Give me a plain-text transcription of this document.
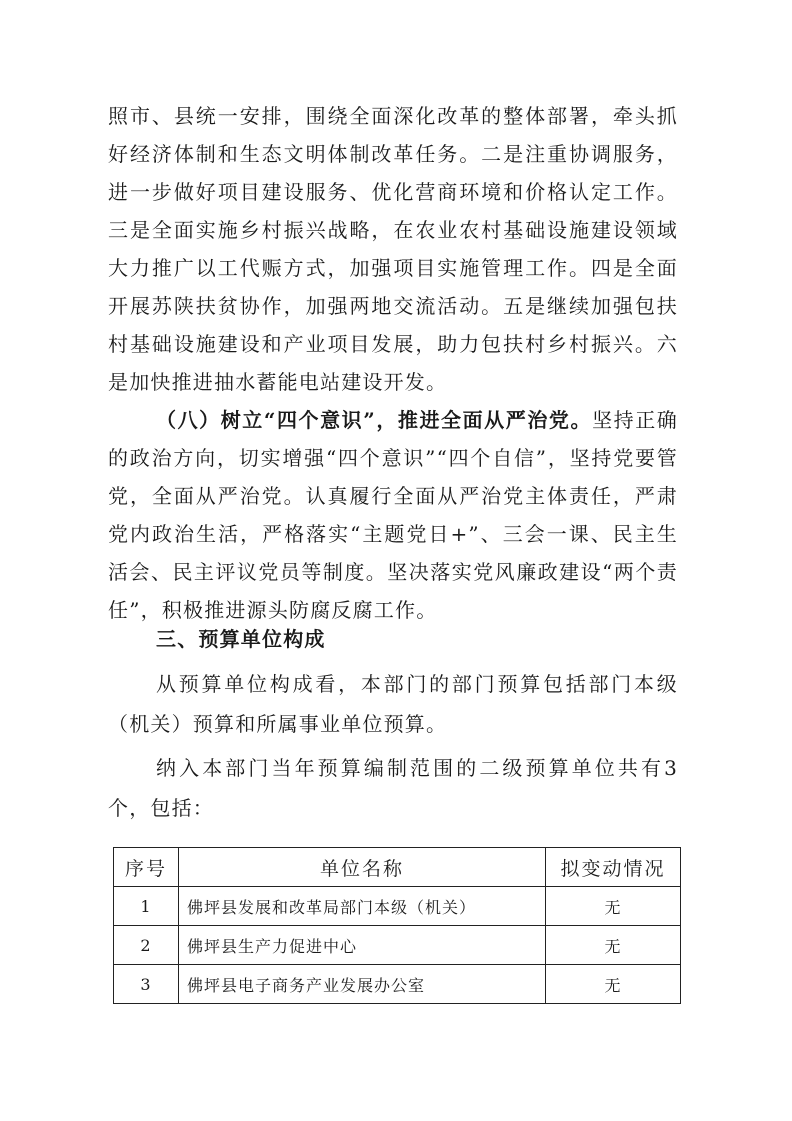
照市、县统一安排，围绕全面深化改革的整体部署，牵头抓好经济体制和生态文明体制改革任务。二是注重协调服务，进一步做好项目建设服务、优化营商环境和价格认定工作。三是全面实施乡村振兴战略，在农业农村基础设施建设领域大力推广以工代赈方式，加强项目实施管理工作。四是全面开展苏陕扶贫协作，加强两地交流活动。五是继续加强包扶村基础设施建设和产业项目发展，助力包扶村乡村振兴。六是加快推进抽水蓄能电站建设开发。

（八）树立“四个意识”，推进全面从严治党。坚持正确的政治方向，切实增强“四个意识”“四个自信”，坚持党要管党，全面从严治党。认真履行全面从严治党主体责任，严肃党内政治生活，严格落实“主题党日+”、三会一课、民主生活会、民主评议党员等制度。坚决落实党风廉政建设“两个责任”，积极推进源头防腐反腐工作。

三、预算单位构成

从预算单位构成看，本部门的部门预算包括部门本级（机关）预算和所属事业单位预算。

纳入本部门当年预算编制范围的二级预算单位共有3个，包括：

序号	单位名称	拟变动情况
1	佛坪县发展和改革局部门本级（机关）	无
2	佛坪县生产力促进中心	无
3	佛坪县电子商务产业发展办公室	无
